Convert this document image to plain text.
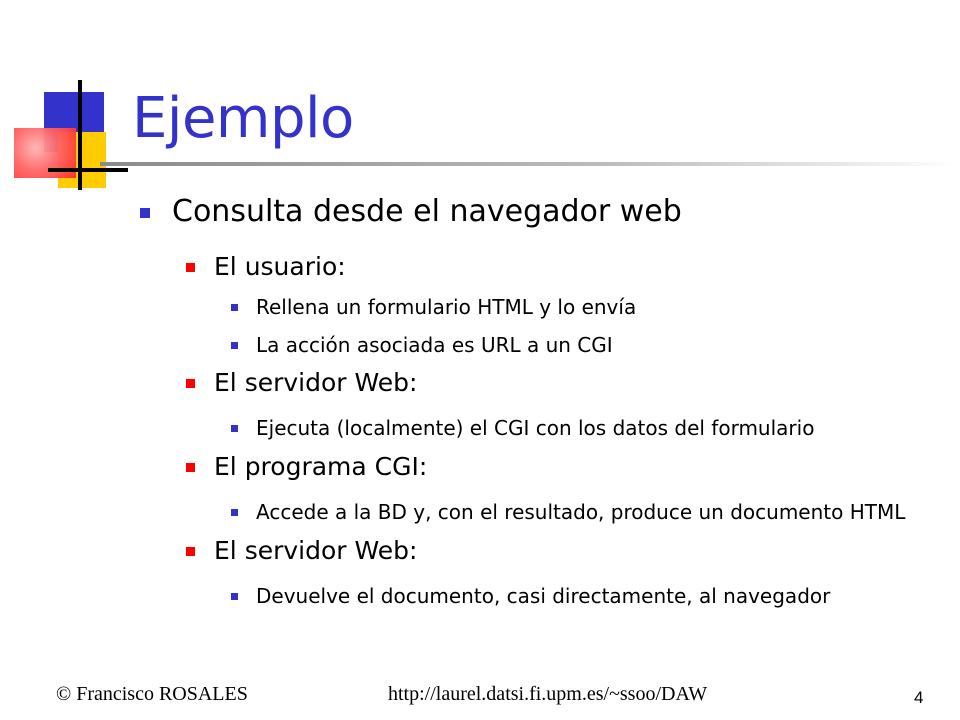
Ejemplo
Consulta desde el navegador web
El usuario:
Rellena un formulario HTML y lo envía
La acción asociada es URL a un CGI
El servidor Web:
Ejecuta (localmente) el CGI con los datos del formulario
El programa CGI:
Accede a la BD y, con el resultado, produce un documento HTML
El servidor Web:
Devuelve el documento, casi directamente, al navegador
© Francisco ROSALES	http://laurel.datsi.fi.upm.es/~ssoo/DAW	4
